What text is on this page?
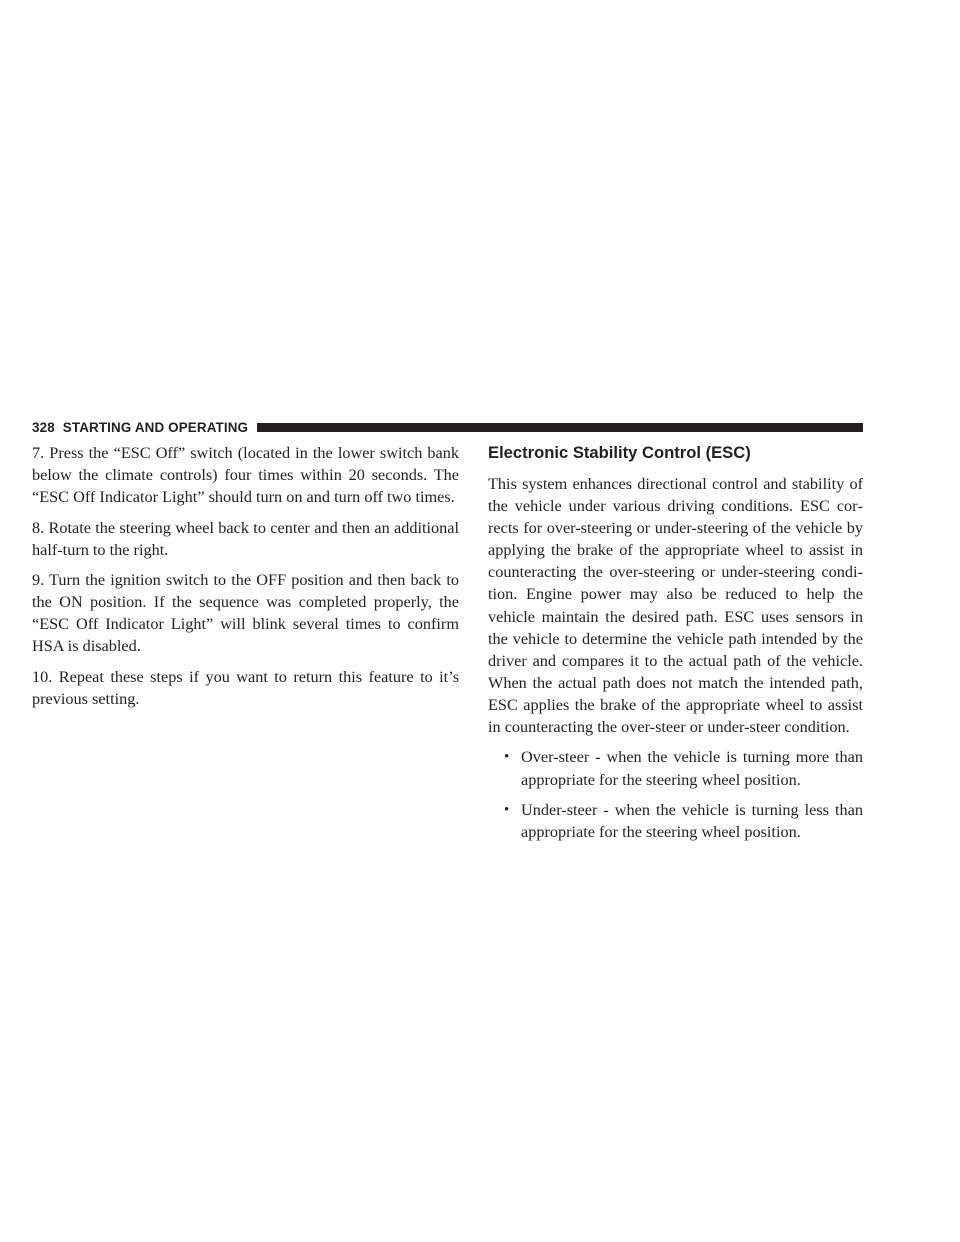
328 STARTING AND OPERATING

7. Press the “ESC Off” switch (located in the lower switch bank below the climate controls) four times within 20 seconds. The “ESC Off Indicator Light” should turn on and turn off two times.

8. Rotate the steering wheel back to center and then an additional half-turn to the right.

9. Turn the ignition switch to the OFF position and then back to the ON position. If the sequence was completed properly, the “ESC Off Indicator Light” will blink several times to confirm HSA is disabled.

10. Repeat these steps if you want to return this feature to it’s previous setting.

Electronic Stability Control (ESC)

This system enhances directional control and stability of the vehicle under various driving conditions. ESC corrects for over-steering or under-steering of the vehicle by applying the brake of the appropriate wheel to assist in counteracting the over-steering or under-steering condition. Engine power may also be reduced to help the vehicle maintain the desired path. ESC uses sensors in the vehicle to determine the vehicle path intended by the driver and compares it to the actual path of the vehicle. When the actual path does not match the intended path, ESC applies the brake of the appropriate wheel to assist in counteracting the over-steer or under-steer condition.

• Over-steer - when the vehicle is turning more than appropriate for the steering wheel position.
• Under-steer - when the vehicle is turning less than appropriate for the steering wheel position.
